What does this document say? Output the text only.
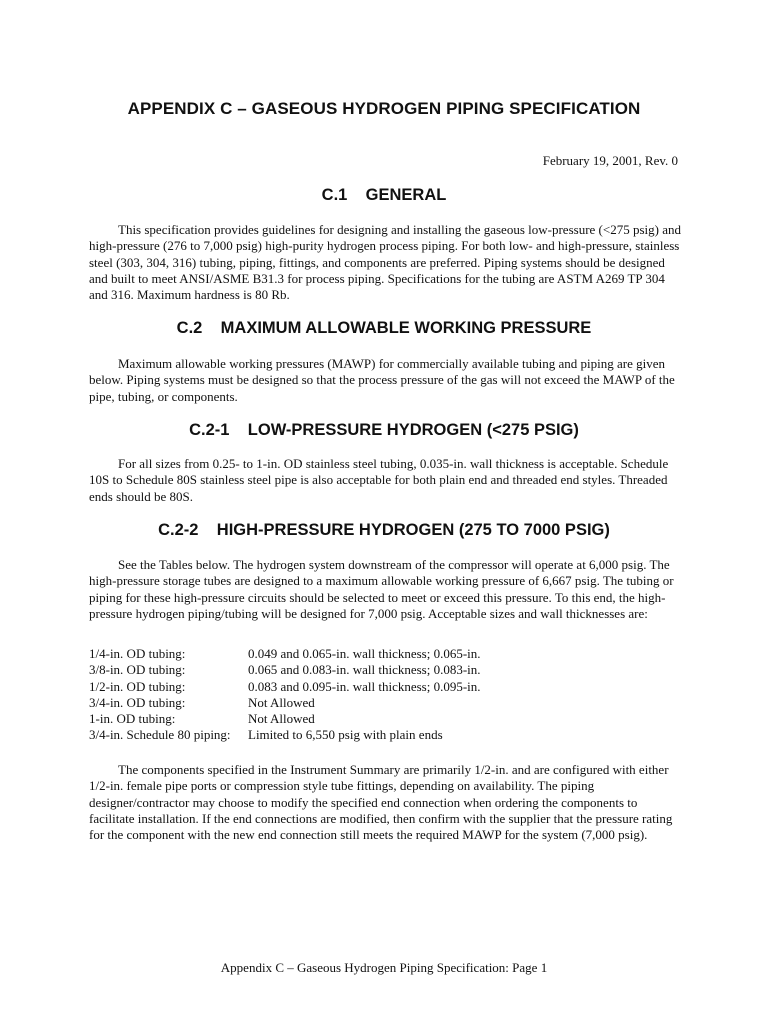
APPENDIX C – GASEOUS HYDROGEN PIPING SPECIFICATION
February 19, 2001, Rev. 0
C.1    GENERAL
This specification provides guidelines for designing and installing the gaseous low-pressure (<275 psig) and high-pressure (276 to 7,000 psig) high-purity hydrogen process piping. For both low- and high-pressure, stainless steel (303, 304, 316) tubing, piping, fittings, and components are preferred. Piping systems should be designed and built to meet ANSI/ASME B31.3 for process piping. Specifications for the tubing are ASTM A269 TP 304 and 316. Maximum hardness is 80 Rb.
C.2    MAXIMUM ALLOWABLE WORKING PRESSURE
Maximum allowable working pressures (MAWP) for commercially available tubing and piping are given below. Piping systems must be designed so that the process pressure of the gas will not exceed the MAWP of the pipe, tubing, or components.
C.2-1    LOW-PRESSURE HYDROGEN (<275 PSIG)
For all sizes from 0.25- to 1-in. OD stainless steel tubing, 0.035-in. wall thickness is acceptable. Schedule 10S to Schedule 80S stainless steel pipe is also acceptable for both plain end and threaded end styles. Threaded ends should be 80S.
C.2-2    HIGH-PRESSURE HYDROGEN (275 TO 7000 PSIG)
See the Tables below. The hydrogen system downstream of the compressor will operate at 6,000 psig. The high-pressure storage tubes are designed to a maximum allowable working pressure of 6,667 psig. The tubing or piping for these high-pressure circuits should be selected to meet or exceed this pressure. To this end, the high-pressure hydrogen piping/tubing will be designed for 7,000 psig. Acceptable sizes and wall thicknesses are:
1/4-in. OD tubing:	0.049 and 0.065-in. wall thickness; 0.065-in.
3/8-in. OD tubing:	0.065 and 0.083-in. wall thickness; 0.083-in.
1/2-in. OD tubing:	0.083 and 0.095-in. wall thickness; 0.095-in.
3/4-in. OD tubing:	Not Allowed
1-in. OD tubing:	Not Allowed
3/4-in. Schedule 80 piping:	Limited to 6,550 psig with plain ends
The components specified in the Instrument Summary are primarily 1/2-in. and are configured with either 1/2-in. female pipe ports or compression style tube fittings, depending on availability. The piping designer/contractor may choose to modify the specified end connection when ordering the components to facilitate installation. If the end connections are modified, then confirm with the supplier that the pressure rating for the component with the new end connection still meets the required MAWP for the system (7,000 psig).
Appendix C – Gaseous Hydrogen Piping Specification: Page 1
